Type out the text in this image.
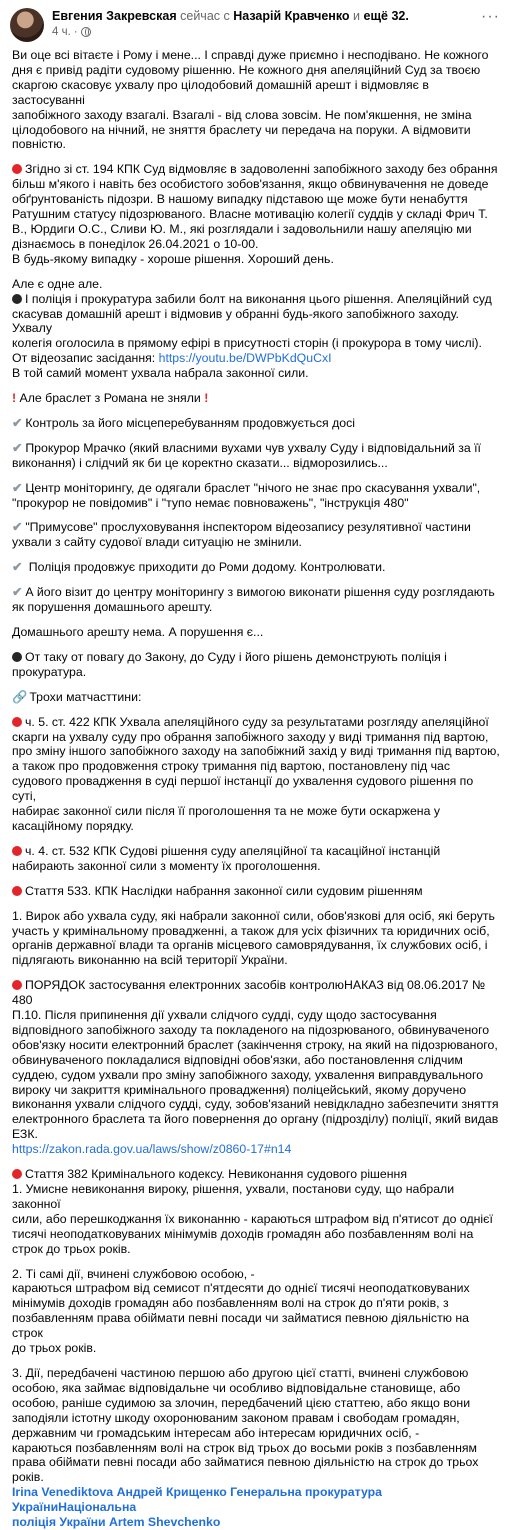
Евгения Закревская сейчас с Назарій Кравченко и ещё 32.
4 ч. ·
···
Ви оце всі вітаєте і Рому і мене... І справді дуже приємно і несподівано. Не кожного
дня є привід радіти судовому рішенню. Не кожного дня апеляційний Суд за твоєю
скаргою скасовує ухвалу про цілодобовий домашній арешт і відмовляє в застосуванні
запобіжного заходу взагалі. Взагалі - від слова зовсім. Не пом'якшення, не зміна
цілодобового на нічний, не зняття браслету чи передача на поруки. А відмовити
повністю.
Згідно зі ст. 194 КПК Суд відмовляє в задоволенні запобіжного заходу без обрання
більш м'якого і навіть без особистого зобов'язання, якщо обвинувачення не доведе
обґрунтованість підозри. В нашому випадку підставою ще може бути ненабуття
Ратушним статусу підозрюваного. Власне мотивацію колегії суддів у складі Фрич Т.
В., Юрдиги О.С., Сливи Ю. М., які розглядали і задовольнили нашу апеляцію ми
дізнаємось в понеділок 26.04.2021 о 10-00.
В будь-якому випадку - хороше рішення. Хороший день.
Але є одне але.
І поліція і прокуратура забили болт на виконання цього рішення. Апеляційний суд
скасував домашній арешт і відмовив у обранні будь-якого запобіжного заходу. Ухвалу
колегія оголосила в прямому ефірі в присутності сторін (і прокурора в тому числі).
От відеозапис засідання: https://youtu.be/DWPbKdQuCxI
В той самий момент ухвала набрала законної сили.
! Але браслет з Романа не зняли !
✔ Контроль за його місцеперебуванням продовжується досі
✔ Прокурор Мрачко (який власними вухами чув ухвалу Суду і відповідальний за її
виконання) і слідчий як би це коректно сказати... відморозились...
✔ Центр моніторингу, де одягали браслет "нічого не знає про скасування ухвали",
"прокурор не повідомив" і "тупо немає повноважень", "інструкція 480"
✔ "Примусове" прослуховування інспектором відеозапису резулятивної частини
ухвали з сайту судової влади ситуацію не змінили.
✔ Поліція продовжує приходити до Роми додому. Контролювати.
✔ А його візит до центру моніторингу з вимогою виконати рішення суду розглядають
як порушення домашнього арешту.
Домашнього арешту нема. А порушення є...
От таку от повагу до Закону, до Суду і його рішень демонструють поліція і
прокуратура.
🔗 Трохи матчасттини:
ч. 5. ст. 422 КПК Ухвала апеляційного суду за результатами розгляду апеляційної
скарги на ухвалу суду про обрання запобіжного заходу у виді тримання під вартою,
про зміну іншого запобіжного заходу на запобіжний захід у виді тримання під вартою,
а також про продовження строку тримання під вартою, постановлену під час
судового провадження в суді першої інстанції до ухвалення судового рішення по суті,
набирає законної сили після її проголошення та не може бути оскаржена у
касаційному порядку.
ч. 4. ст. 532 КПК Судові рішення суду апеляційної та касаційної інстанцій
набирають законної сили з моменту їх проголошення.
Стаття 533. КПК Наслідки набрання законної сили судовим рішенням
1. Вирок або ухвала суду, які набрали законної сили, обов'язкові для осіб, які беруть
участь у кримінальному провадженні, а також для усіх фізичних та юридичних осіб,
органів державної влади та органів місцевого самоврядування, їх службових осіб, і
підлягають виконанню на всій території України.
ПОРЯДОК застосування електронних засобів контролюНАКАЗ від 08.06.2017 №
480
П.10. Після припинення дії ухвали слідчого судді, суду щодо застосування
відповідного запобіжного заходу та покладеного на підозрюваного, обвинуваченого
обов'язку носити електронний браслет (закінчення строку, на який на підозрюваного,
обвинуваченого покладалися відповідні обов'язки, або постановлення слідчим
суддею, судом ухвали про зміну запобіжного заходу, ухвалення виправдувального
вироку чи закриття кримінального провадження) поліцейський, якому доручено
виконання ухвали слідчого судді, суду, зобов'язаний невідкладно забезпечити зняття
електронного браслета та його повернення до органу (підрозділу) поліції, який видав
ЕЗК.
https://zakon.rada.gov.ua/laws/show/z0860-17#n14
Стаття 382 Кримінального кодексу. Невиконання судового рішення
1. Умисне невиконання вироку, рішення, ухвали, постанови суду, що набрали законної
сили, або перешкоджання їх виконанню - караються штрафом від п'ятисот до однієї
тисячі неоподатковуваних мінімумів доходів громадян або позбавленням волі на
строк до трьох років.
2. Ті самі дії, вчинені службовою особою, -
караються штрафом від семисот п'ятдесяти до однієї тисячі неоподатковуваних
мінімумів доходів громадян або позбавленням волі на строк до п'яти років, з
позбавленням права обіймати певні посади чи займатися певною діяльністю на строк
до трьох років.
3. Дії, передбачені частиною першою або другою цієї статті, вчинені службовою
особою, яка займає відповідальне чи особливо відповідальне становище, або
особою, раніше судимою за злочин, передбачений цією статтею, або якщо вони
заподіяли істотну шкоду охоронюваним законом правам і свободам громадян,
державним чи громадським інтересам або інтересам юридичних осіб, -
караються позбавленням волі на строк від трьох до восьми років з позбавленням
права обіймати певні посади або займатися певною діяльністю на строк до трьох
років.
Irina Venediktova Андрей Крищенко Генеральна прокуратура УкраїниНаціональна
поліція України Artem Shevchenko
